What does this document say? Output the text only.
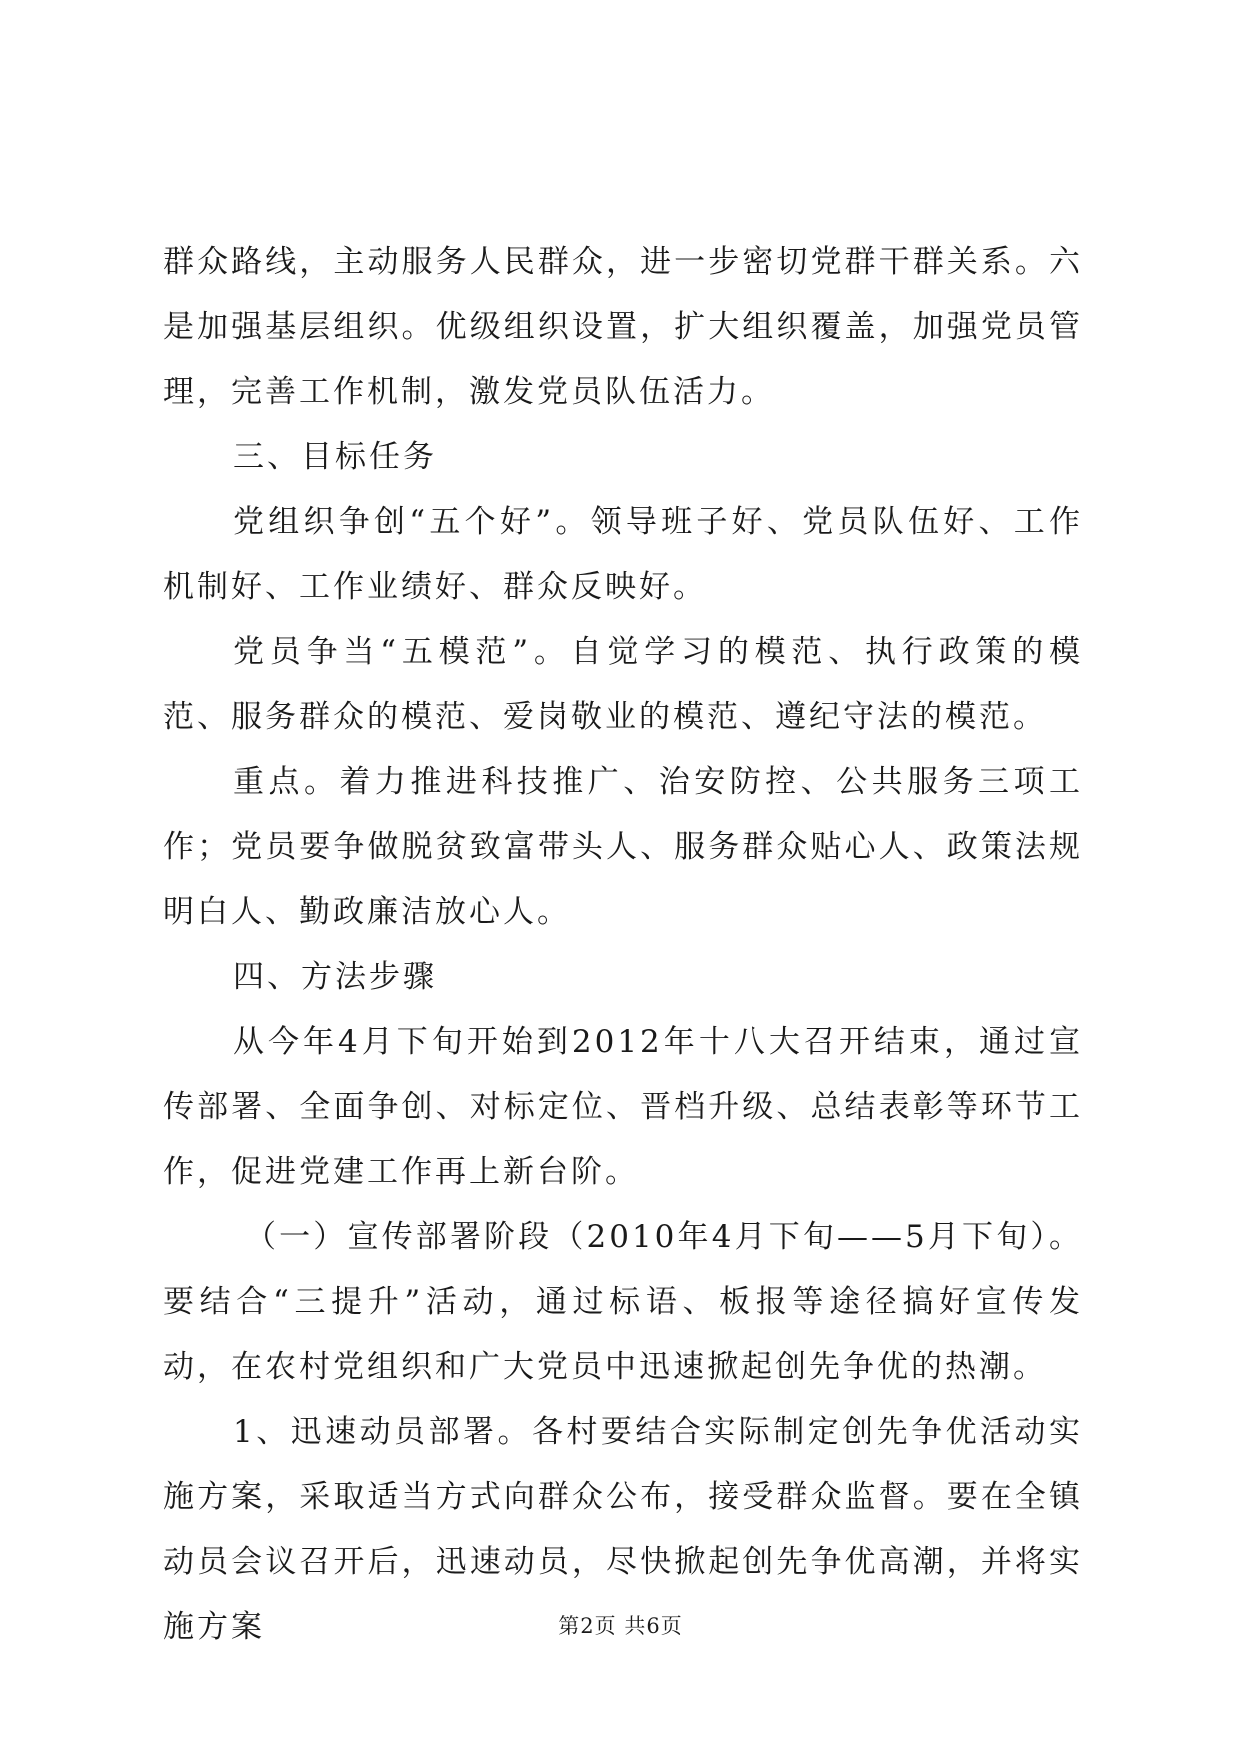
群众路线，主动服务人民群众，进一步密切党群干群关系。六是加强基层组织。优级组织设置，扩大组织覆盖，加强党员管理，完善工作机制，激发党员队伍活力。

三、目标任务

党组织争创“五个好”。领导班子好、党员队伍好、工作机制好、工作业绩好、群众反映好。

党员争当“五模范”。自觉学习的模范、执行政策的模范、服务群众的模范、爱岗敬业的模范、遵纪守法的模范。

重点。着力推进科技推广、治安防控、公共服务三项工作；党员要争做脱贫致富带头人、服务群众贴心人、政策法规明白人、勤政廉洁放心人。

四、方法步骤

从今年4月下旬开始到2012年十八大召开结束，通过宣传部署、全面争创、对标定位、晋档升级、总结表彰等环节工作，促进党建工作再上新台阶。

（一）宣传部署阶段（2010年4月下旬——5月下旬）。要结合“三提升”活动，通过标语、板报等途径搞好宣传发动，在农村党组织和广大党员中迅速掀起创先争优的热潮。

1、迅速动员部署。各村要结合实际制定创先争优活动实施方案，采取适当方式向群众公布，接受群众监督。要在全镇动员会议召开后，迅速动员，尽快掀起创先争优高潮，并将实施方案	第2页 共6页
